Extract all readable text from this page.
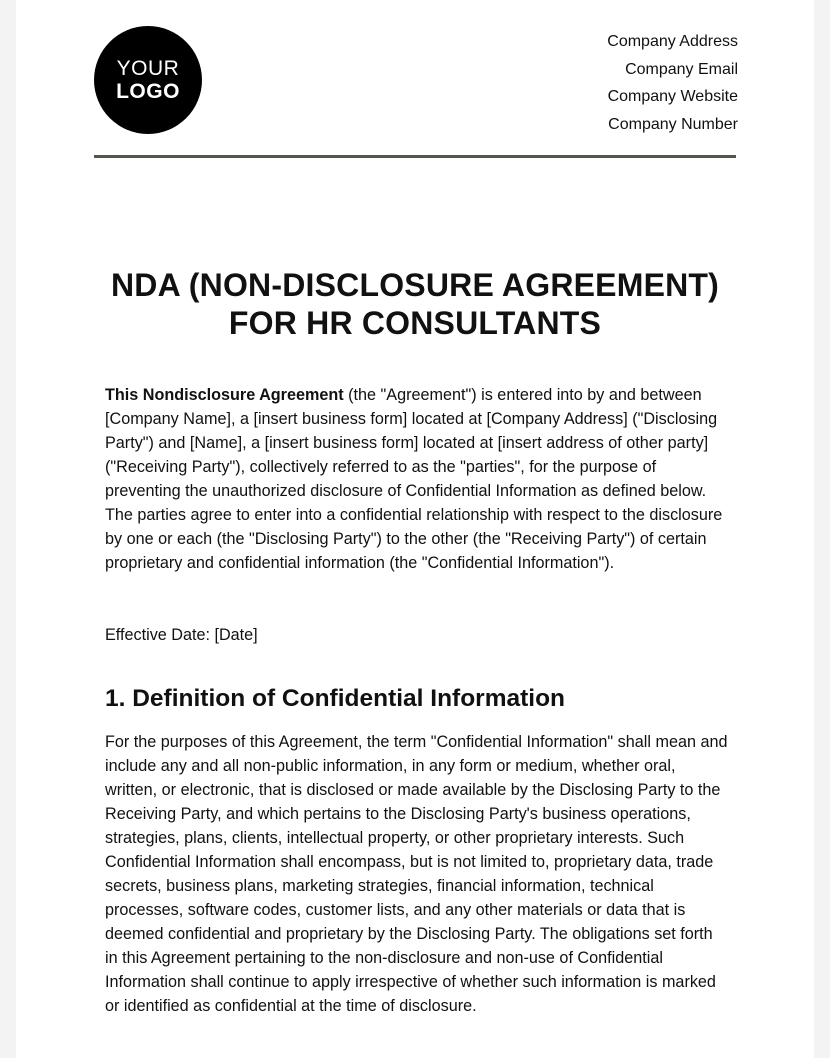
YOUR
LOGO
Company Address
Company Email
Company Website
Company Number
NDA (NON-DISCLOSURE AGREEMENT)
FOR HR CONSULTANTS

This Nondisclosure Agreement (the "Agreement") is entered into by and between [Company Name], a [insert business form] located at [Company Address] ("Disclosing Party") and [Name], a [insert business form] located at [insert address of other party] ("Receiving Party"), collectively referred to as the "parties", for the purpose of preventing the unauthorized disclosure of Confidential Information as defined below. The parties agree to enter into a confidential relationship with respect to the disclosure by one or each (the "Disclosing Party") to the other (the "Receiving Party") of certain proprietary and confidential information (the "Confidential Information").

Effective Date: [Date]
1. Definition of Confidential Information

For the purposes of this Agreement, the term "Confidential Information" shall mean and include any and all non-public information, in any form or medium, whether oral, written, or electronic, that is disclosed or made available by the Disclosing Party to the Receiving Party, and which pertains to the Disclosing Party's business operations, strategies, plans, clients, intellectual property, or other proprietary interests. Such Confidential Information shall encompass, but is not limited to, proprietary data, trade secrets, business plans, marketing strategies, financial information, technical processes, software codes, customer lists, and any other materials or data that is deemed confidential and proprietary by the Disclosing Party. The obligations set forth in this Agreement pertaining to the non-disclosure and non-use of Confidential Information shall continue to apply irrespective of whether such information is marked or identified as confidential at the time of disclosure.
